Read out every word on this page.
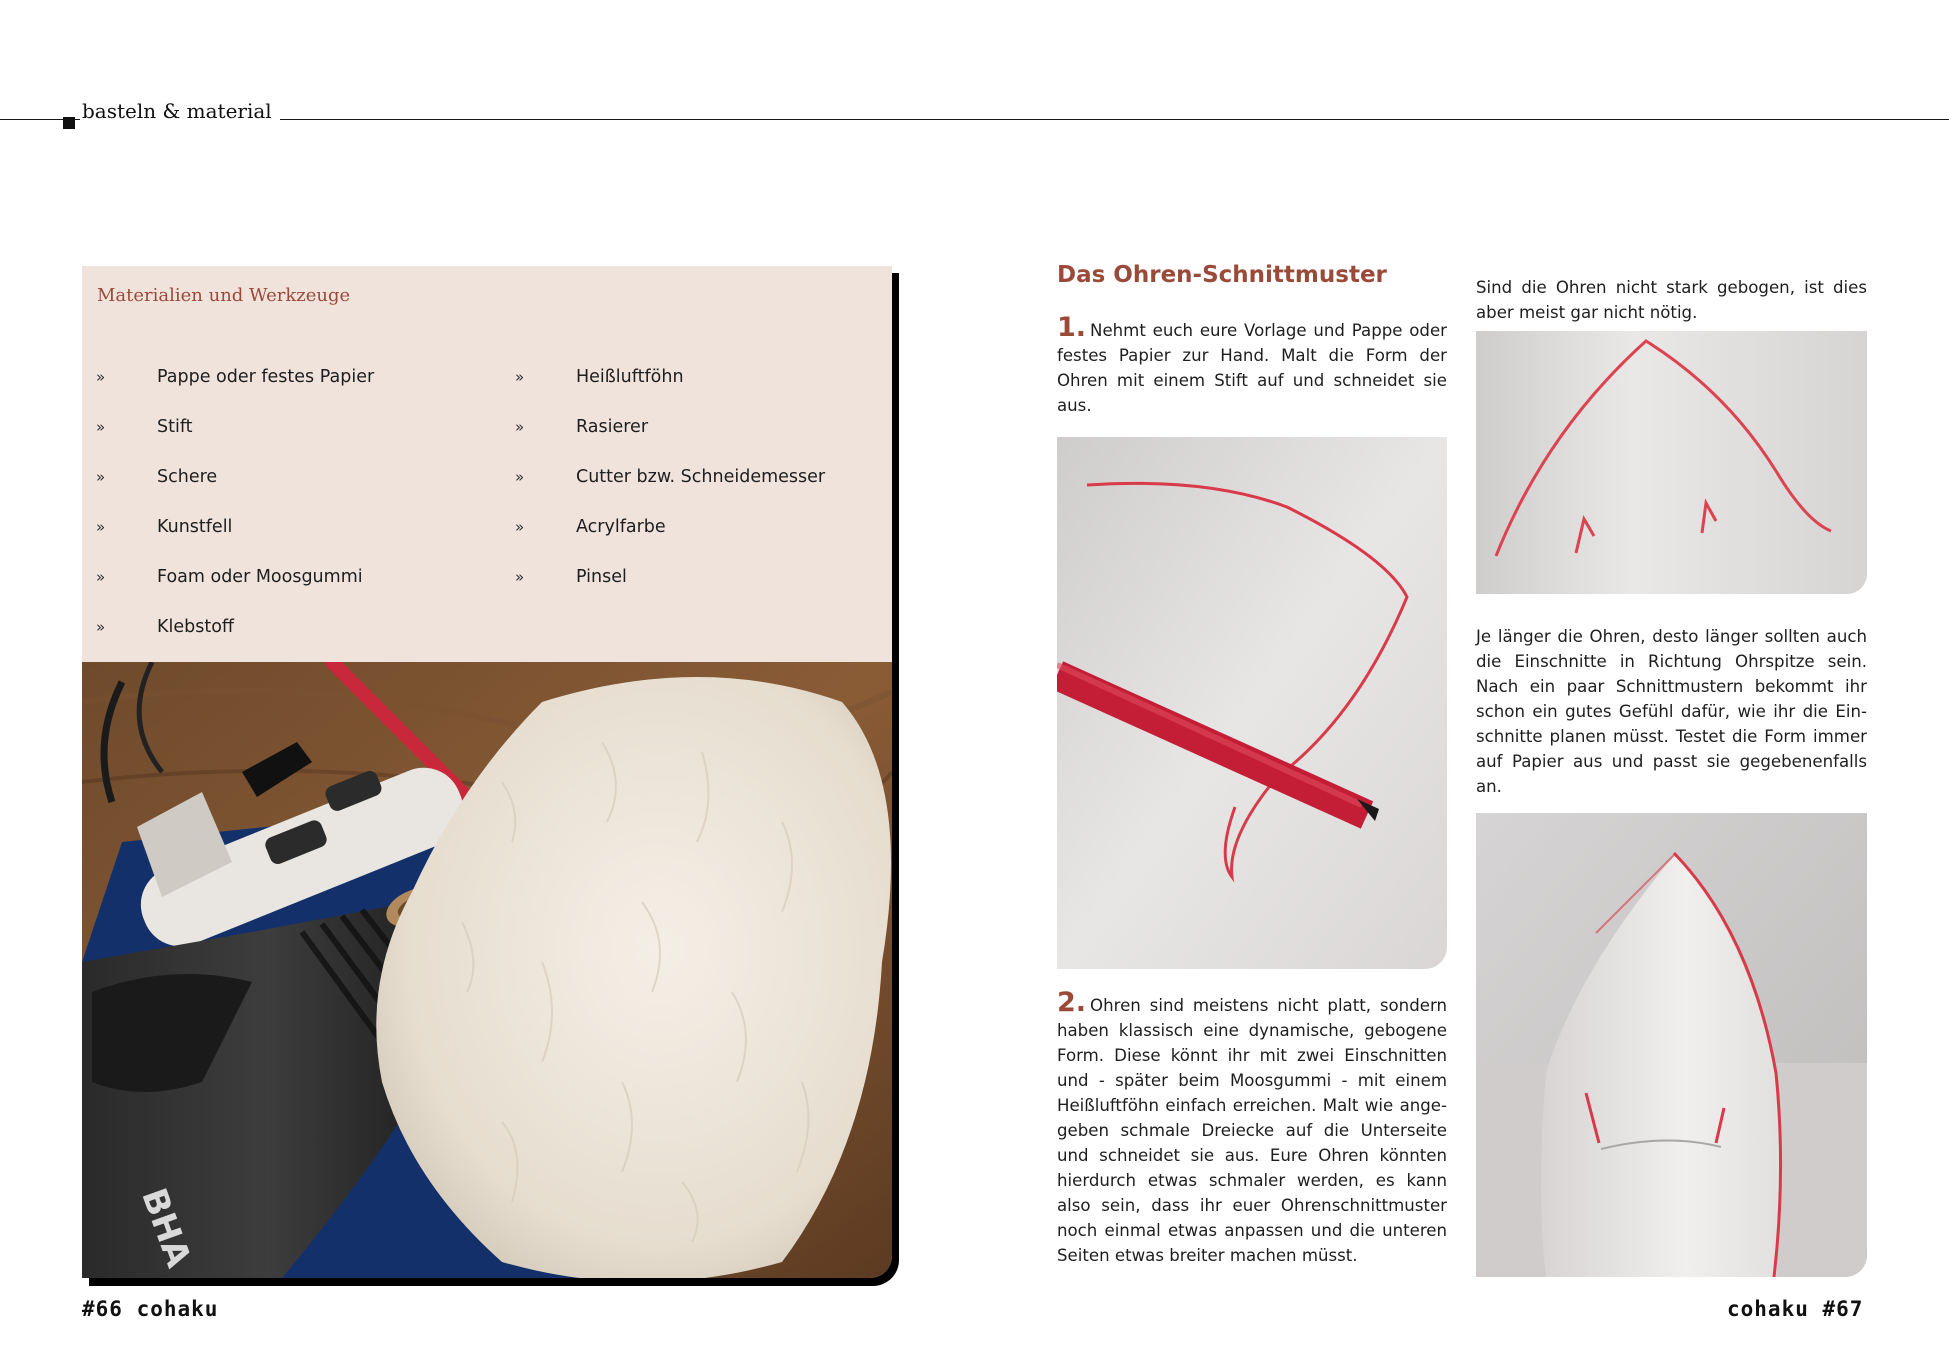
basteln & material
Materialien und Werkzeuge
»	Pappe oder festes Papier
»	Stift
»	Schere
»	Kunstfell
»	Foam oder Moosgummi
»	Klebstoff
»	Heißluftföhn
»	Rasierer
»	Cutter bzw. Schneidemesser
»	Acrylfarbe
»	Pinsel
BHA
Das Ohren-Schnittmuster
1. Nehmt euch eure Vorlage und Pappe oder festes Papier zur Hand. Malt die Form der Ohren mit einem Stift auf und schneidet sie aus.
2. Ohren sind meistens nicht platt, sondern haben klassisch eine dynamische, gebogene Form. Diese könnt ihr mit zwei Einschnitten und - später beim Moosgummi - mit einem Heißluftföhn einfach erreichen. Malt wie angegeben schmale Dreiecke auf die Unterseite und schneidet sie aus. Eure Ohren könnten hierdurch etwas schmaler werden, es kann also sein, dass ihr euer Ohrenschnittmuster noch einmal etwas anpassen und die unteren Seiten etwas breiter machen müsst.
Sind die Ohren nicht stark gebogen, ist dies aber meist gar nicht nötig.
Je länger die Ohren, desto länger sollten auch die Einschnitte in Richtung Ohrspitze sein. Nach ein paar Schnittmustern bekommt ihr schon ein gutes Gefühl dafür, wie ihr die Einschnitte planen müsst. Testet die Form immer auf Papier aus und passt sie gegebenenfalls an.
#66 cohaku	cohaku #67
